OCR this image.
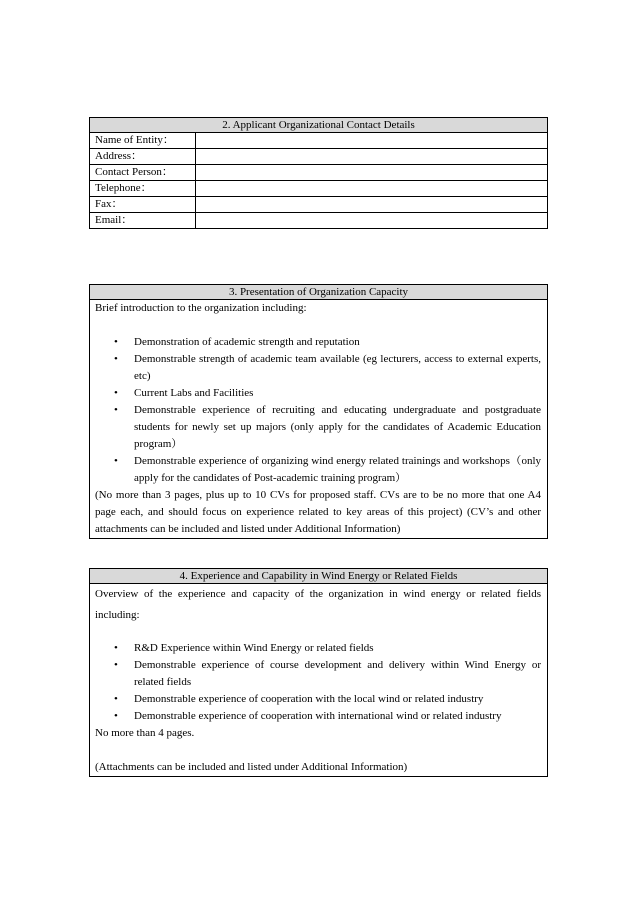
2. Applicant Organizational Contact Details
Name of Entity：
Address：
Contact Person：
Telephone：
Fax：
Email：
3. Presentation of Organization Capacity
Brief introduction to the organization including:
• Demonstration of academic strength and reputation
• Demonstrable strength of academic team available (eg lecturers, access to external experts, etc)
• Current Labs and Facilities
• Demonstrable experience of recruiting and educating undergraduate and postgraduate students for newly set up majors (only apply for the candidates of Academic Education program）
• Demonstrable experience of organizing wind energy related trainings and workshops（only apply for the candidates of Post-academic training program）
(No more than 3 pages, plus up to 10 CVs for proposed staff. CVs are to be no more that one A4 page each, and should focus on experience related to key areas of this project) (CV’s and other attachments can be included and listed under Additional Information)
4. Experience and Capability in Wind Energy or Related Fields
Overview of the experience and capacity of the organization in wind energy or related fields including:
• R&D Experience within Wind Energy or related fields
• Demonstrable experience of course development and delivery within Wind Energy or related fields
• Demonstrable experience of cooperation with the local wind or related industry
• Demonstrable experience of cooperation with international wind or related industry
No more than 4 pages.
(Attachments can be included and listed under Additional Information)
